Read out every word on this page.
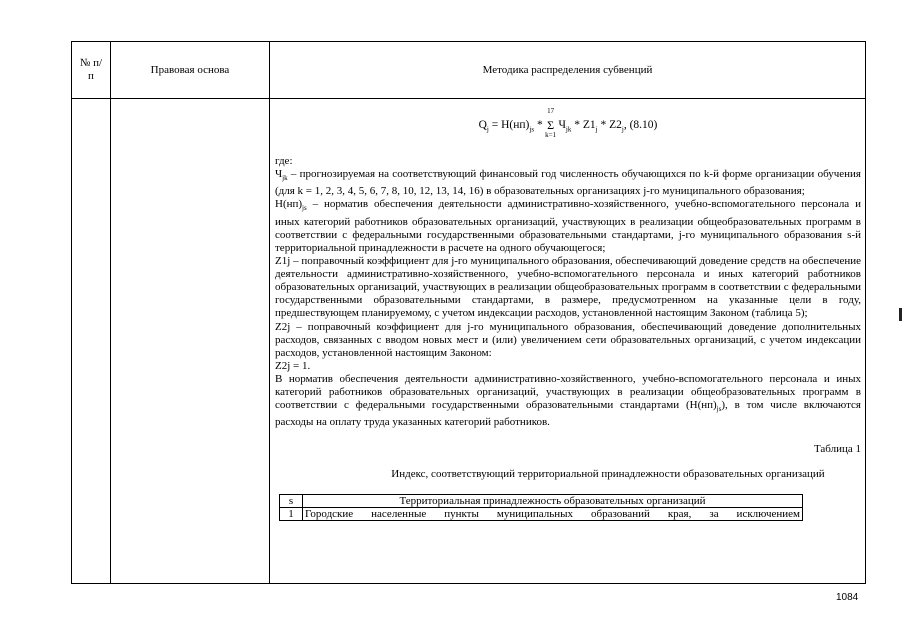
№ п/п	Правовая основа	Методика распределения субвенций

$Q_j = Н(нп)_{js}$ *
17
Σ
k=1
$Ч_{jk} * Z1_j * Z2_j$, (8.10)

где:

$Ч_{jk}$ – прогнозируемая на соответствующий финансовый год численность обучающихся по k-й форме организации обучения (для k = 1, 2, 3, 4, 5, 6, 7, 8, 10, 12, 13, 14, 16) в образовательных организациях j-го муниципального образования;

$Н(нп)_{js}$ – норматив обеспечения деятельности административно-хозяйственного, учебно-вспомогательного персонала и иных категорий работников образовательных организаций, участвующих в реализации общеобразовательных программ в соответствии с федеральными государственными образовательными стандартами, j-го муниципального образования s-й территориальной принадлежности в расчете на одного обучающегося;

Z1j – поправочный коэффициент для j-го муниципального образования, обеспечивающий доведение средств на обеспечение деятельности административно-хозяйственного, учебно-вспомогательного персонала и иных категорий работников образовательных организаций, участвующих в реализации общеобразовательных программ в соответствии с федеральными государственными образовательными стандартами, в размере, предусмотренном на указанные цели в году, предшествующем планируемому, с учетом индексации расходов, установленной настоящим Законом (таблица 5);

Z2j – поправочный коэффициент для j-го муниципального образования, обеспечивающий доведение дополнительных расходов, связанных с вводом новых мест и (или) увеличением сети образовательных организаций, с учетом индексации расходов, установленной настоящим Законом:

Z2j = 1.

В норматив обеспечения деятельности административно-хозяйственного, учебно-вспомогательного персонала и иных категорий работников образовательных организаций, участвующих в реализации общеобразовательных программ в соответствии с федеральными государственными образовательными стандартами $(Н(нп)_{js})$, в том числе включаются расходы на оплату труда указанных категорий работников.

Таблица 1
Индекс, соответствующий территориальной принадлежности образовательных организаций
s	Территориальная принадлежность образовательных организаций
1	Городские населенные пункты муниципальных образований края, за исключением
1084
